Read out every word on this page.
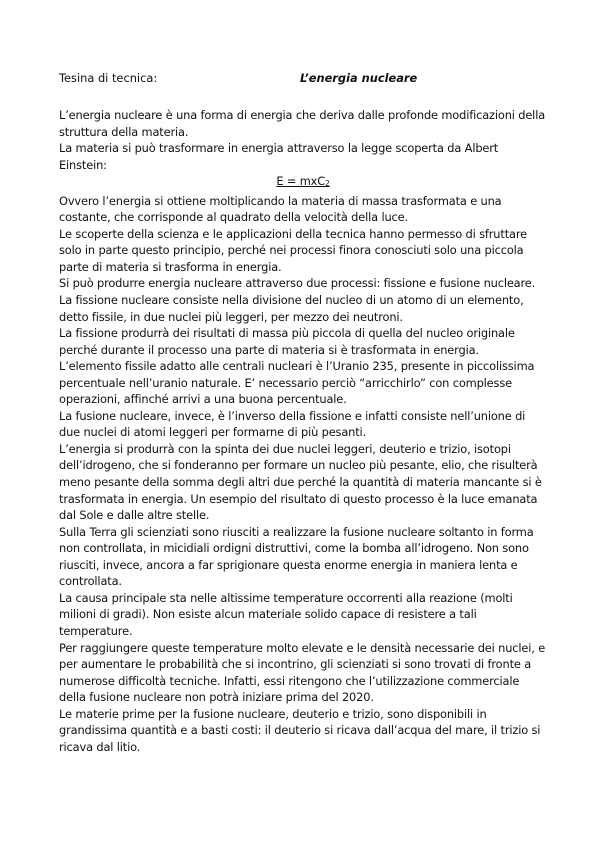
Tesina di tecnica:	L’energia nucleare

L’energia nucleare è una forma di energia che deriva dalle profonde modificazioni della struttura della materia.

La materia si può trasformare in energia attraverso la legge scoperta da Albert Einstein:

E = mxC2

Ovvero l’energia si ottiene moltiplicando la materia di massa trasformata e una costante, che corrisponde al quadrato della velocità della luce.

Le scoperte della scienza e le applicazioni della tecnica hanno permesso di sfruttare solo in parte questo principio, perché nei processi finora conosciuti solo una piccola parte di materia si trasforma in energia.

Si può produrre energia nucleare attraverso due processi: fissione e fusione nucleare.

La fissione nucleare consiste nella divisione del nucleo di un atomo di un elemento, detto fissile, in due nuclei più leggeri, per mezzo dei neutroni.

La fissione produrrà dei risultati di massa più piccola di quella del nucleo originale perché durante il processo una parte di materia si è trasformata in energia.

L’elemento fissile adatto alle centrali nucleari è l’Uranio 235, presente in piccolissima percentuale nell’uranio naturale. E’ necessario perciò “arricchirlo” con complesse operazioni, affinché arrivi a una buona percentuale.

La fusione nucleare, invece, è l’inverso della fissione e infatti consiste nell’unione di due nuclei di atomi leggeri per formarne di più pesanti.

L’energia si produrrà con la spinta dei due nuclei leggeri, deuterio e trizio, isotopi dell’idrogeno, che si fonderanno per formare un nucleo più pesante, elio, che risulterà meno pesante della somma degli altri due perché la quantità di materia mancante si è trasformata in energia. Un esempio del risultato di questo processo è la luce emanata dal Sole e dalle altre stelle.

Sulla Terra gli scienziati sono riusciti a realizzare la fusione nucleare soltanto in forma non controllata, in micidiali ordigni distruttivi, come la bomba all’idrogeno. Non sono riusciti, invece, ancora a far sprigionare questa enorme energia in maniera lenta e controllata.

La causa principale sta nelle altissime temperature occorrenti alla reazione (molti milioni di gradi). Non esiste alcun materiale solido capace di resistere a tali temperature.

Per raggiungere queste temperature molto elevate e le densità necessarie dei nuclei, e per aumentare le probabilità che si incontrino, gli scienziati si sono trovati di fronte a numerose difficoltà tecniche. Infatti, essi ritengono che l’utilizzazione commerciale della fusione nucleare non potrà iniziare prima del 2020.

Le materie prime per la fusione nucleare, deuterio e trizio, sono disponibili in grandissima quantità e a basti costi: il deuterio si ricava dall’acqua del mare, il trizio si ricava dal litio.
